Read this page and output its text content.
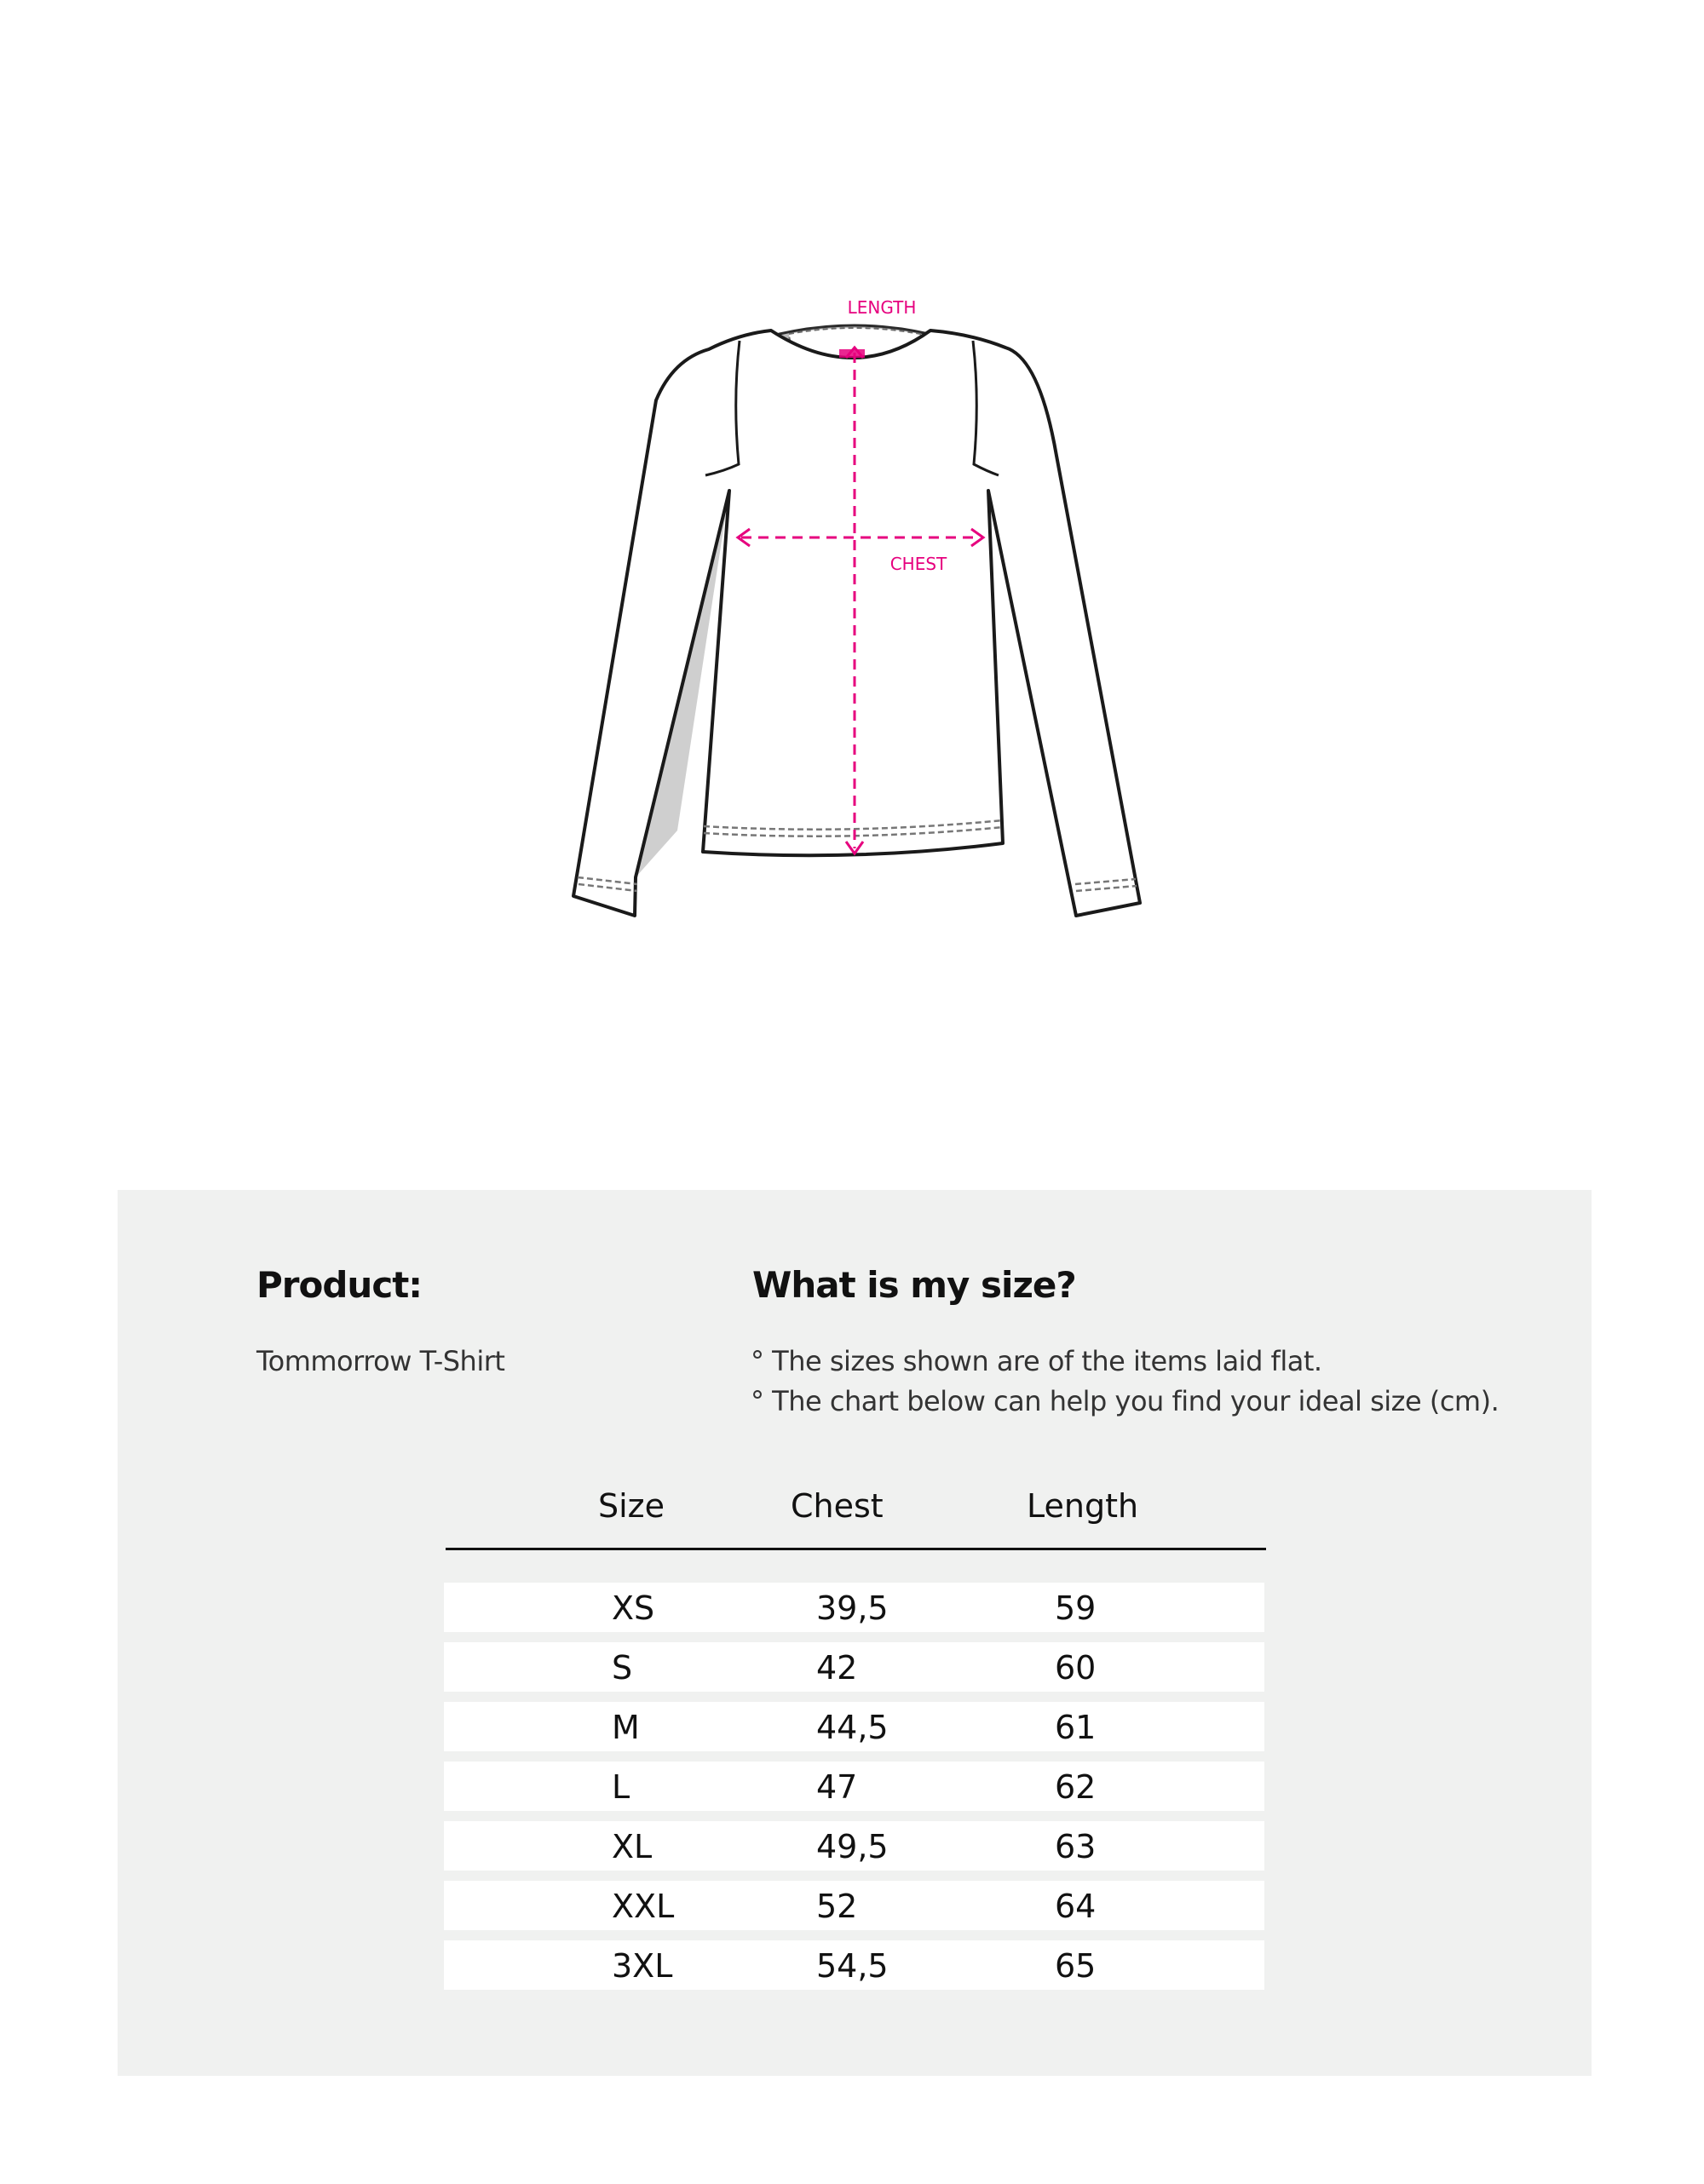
LENGTH
CHEST
Product:
Tommorrow T-Shirt
What is my size?
° The sizes shown are of the items laid flat.
° The chart below can help you find your ideal size (cm).
Size	Chest	Length
XS	39,5	59
S	42	60
M	44,5	61
L	47	62
XL	49,5	63
XXL	52	64
3XL	54,5	65
